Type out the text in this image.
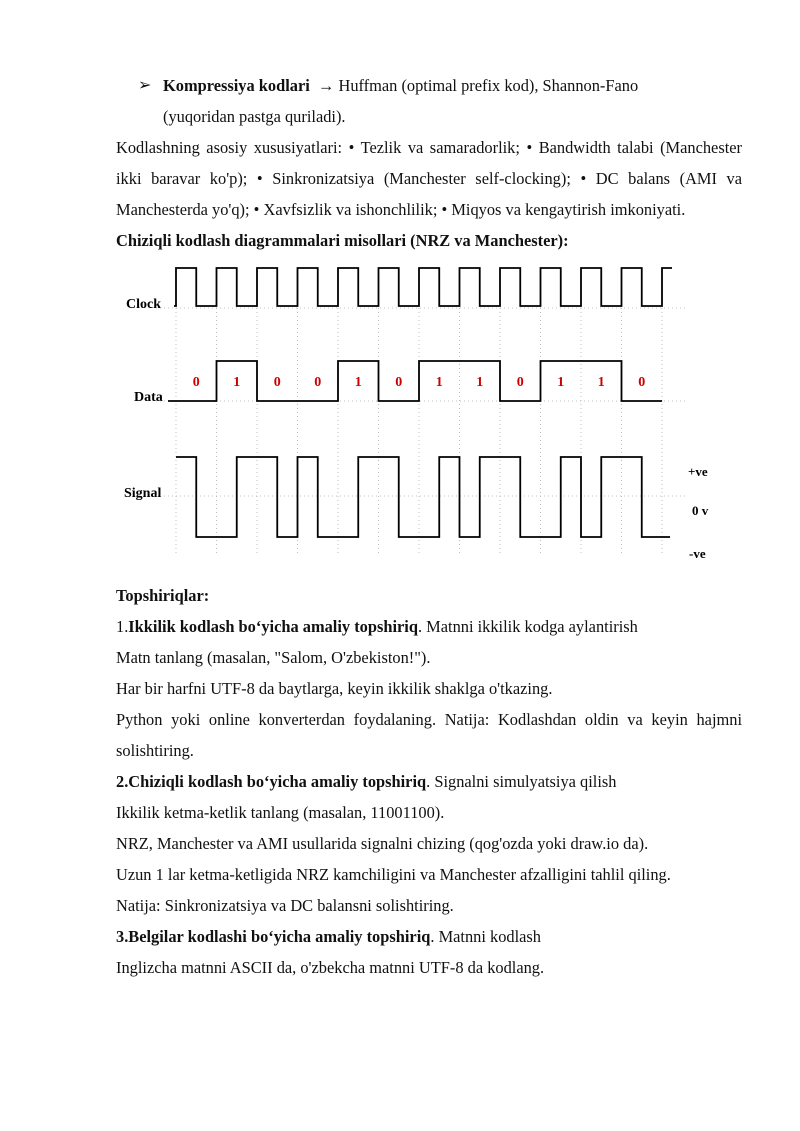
➢ Kompressiya kodlari → Huffman (optimal prefix kod), Shannon-Fano

(yuqoridan pastga quriladi).

Kodlashning asosiy xususiyatlari: • Tezlik va samaradorlik; • Bandwidth talabi (Manchester ikki baravar ko'p); • Sinkronizatsiya (Manchester self-clocking); • DC balans (AMI va Manchesterda yo'q); • Xavfsizlik va ishonchlilik; • Miqyos va kengaytirish imkoniyati.

Chiziqli kodlash diagrammalari misollari (NRZ va Manchester):

Clock
Data
Signal
+ve
0 v
-ve
0 1 0 0 1 0 1 1 0 1 1 0

Topshiriqlar:

1.Ikkilik kodlash bo‘yicha amaliy topshiriq. Matnni ikkilik kodga aylantirish

Matn tanlang (masalan, "Salom, O'zbekiston!").

Har bir harfni UTF-8 da baytlarga, keyin ikkilik shaklga o'tkazing.

Python yoki online konverterdan foydalaning. Natija: Kodlashdan oldin va keyin hajmni solishtiring.

2.Chiziqli kodlash bo‘yicha amaliy topshiriq. Signalni simulyatsiya qilish

Ikkilik ketma-ketlik tanlang (masalan, 11001100).

NRZ, Manchester va AMI usullarida signalni chizing (qog'ozda yoki draw.io da).

Uzun 1 lar ketma-ketligida NRZ kamchiligini va Manchester afzalligini tahlil qiling.

Natija: Sinkronizatsiya va DC balansni solishtiring.

3.Belgilar kodlashi bo‘yicha amaliy topshiriq. Matnni kodlash

Inglizcha matnni ASCII da, o'zbekcha matnni UTF-8 da kodlang.
